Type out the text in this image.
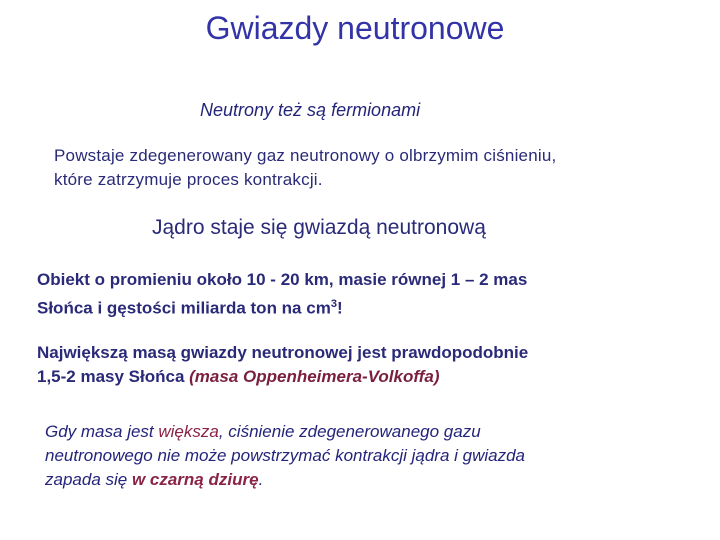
Gwiazdy neutronowe
Neutrony też są fermionami
Powstaje zdegenerowany gaz neutronowy o olbrzymim ciśnieniu,
które zatrzymuje proces kontrakcji.
Jądro staje się gwiazdą neutronową
Obiekt o promieniu około 10 - 20 km, masie równej 1 – 2 mas
Słońca i gęstości miliarda ton na $cm^3$!
Największą masą gwiazdy neutronowej jest prawdopodobnie
1,5-2 masy Słońca (masa Oppenheimera-Volkoffa)
Gdy masa jest większa, ciśnienie zdegenerowanego gazu
neutronowego nie może powstrzymać kontrakcji jądra i gwiazda
zapada się w czarną dziurę.
